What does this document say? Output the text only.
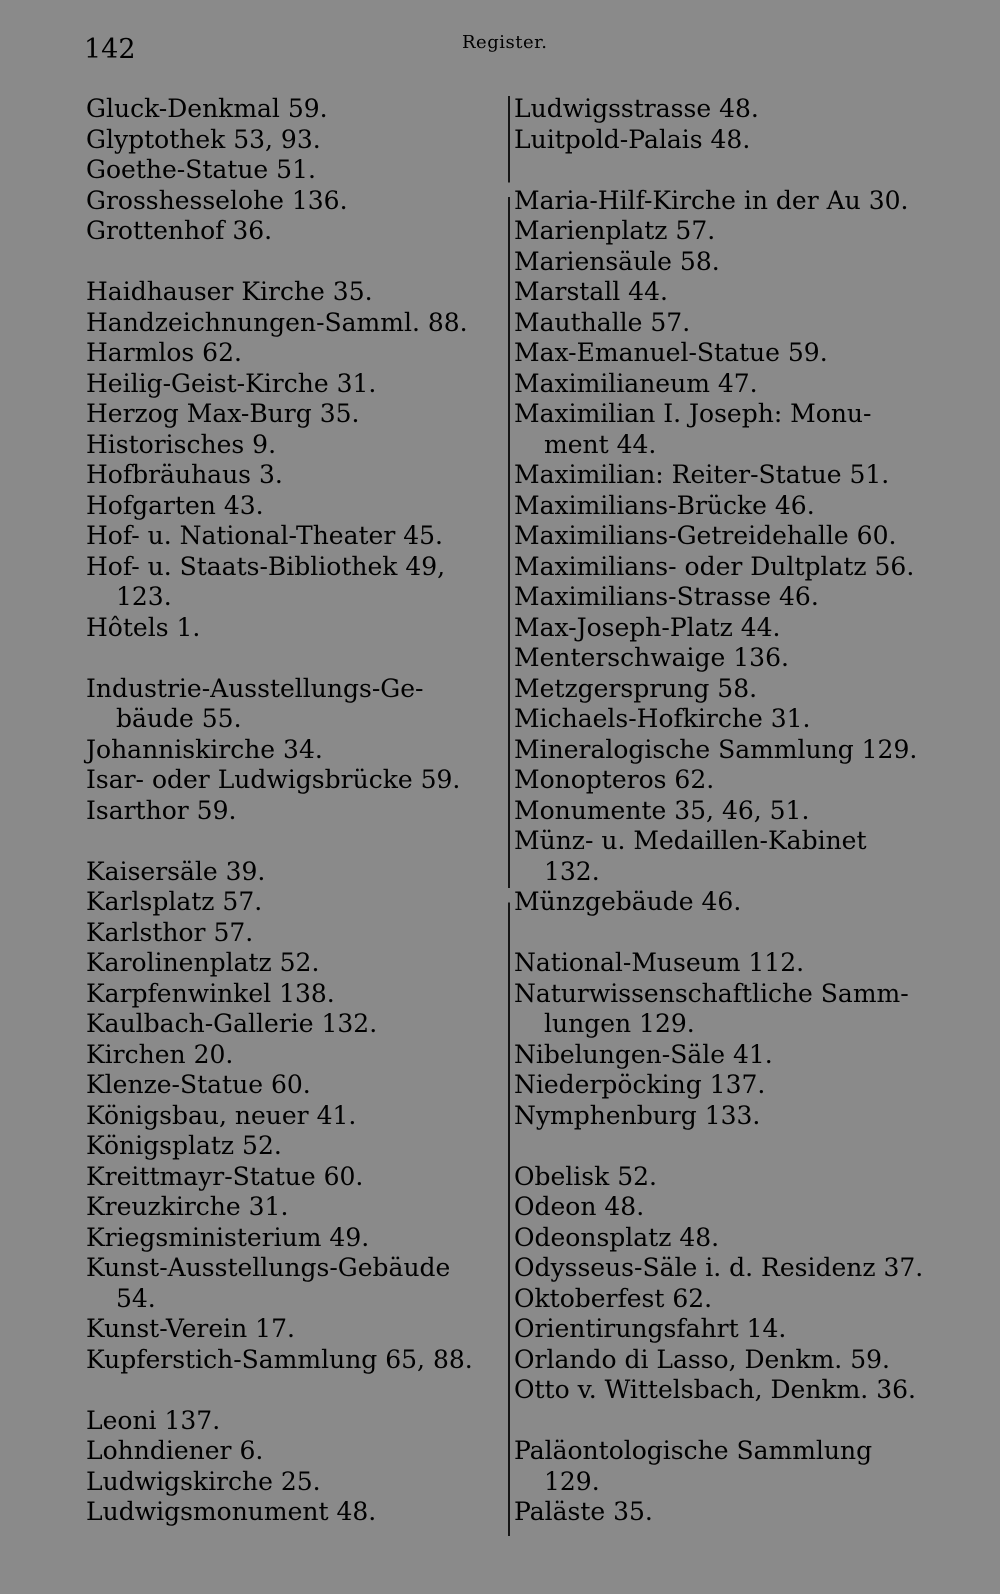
142	Register.
Gluck-Denkmal 59.
Glyptothek 53, 93.
Goethe-Statue 51.
Grosshesselohe 136.
Grottenhof 36.
Haidhauser Kirche 35.
Handzeichnungen-Samml. 88.
Harmlos 62.
Heilig-Geist-Kirche 31.
Herzog Max-Burg 35.
Historisches 9.
Hofbräuhaus 3.
Hofgarten 43.
Hof- u. National-Theater 45.
Hof- u. Staats-Bibliothek 49,
123.
Hôtels 1.
Industrie-Ausstellungs-Ge-
bäude 55.
Johanniskirche 34.
Isar- oder Ludwigsbrücke 59.
Isarthor 59.
Kaisersäle 39.
Karlsplatz 57.
Karlsthor 57.
Karolinenplatz 52.
Karpfenwinkel 138.
Kaulbach-Gallerie 132.
Kirchen 20.
Klenze-Statue 60.
Königsbau, neuer 41.
Königsplatz 52.
Kreittmayr-Statue 60.
Kreuzkirche 31.
Kriegsministerium 49.
Kunst-Ausstellungs-Gebäude
54.
Kunst-Verein 17.
Kupferstich-Sammlung 65, 88.
Leoni 137.
Lohndiener 6.
Ludwigskirche 25.
Ludwigsmonument 48.
Ludwigsstrasse 48.
Luitpold-Palais 48.
Maria-Hilf-Kirche in der Au 30.
Marienplatz 57.
Mariensäule 58.
Marstall 44.
Mauthalle 57.
Max-Emanuel-Statue 59.
Maximilianeum 47.
Maximilian I. Joseph: Monu-
ment 44.
Maximilian: Reiter-Statue 51.
Maximilians-Brücke 46.
Maximilians-Getreidehalle 60.
Maximilians- oder Dultplatz 56.
Maximilians-Strasse 46.
Max-Joseph-Platz 44.
Menterschwaige 136.
Metzgersprung 58.
Michaels-Hofkirche 31.
Mineralogische Sammlung 129.
Monopteros 62.
Monumente 35, 46, 51.
Münz- u. Medaillen-Kabinet
132.
Münzgebäude 46.
National-Museum 112.
Naturwissenschaftliche Samm-
lungen 129.
Nibelungen-Säle 41.
Niederpöcking 137.
Nymphenburg 133.
Obelisk 52.
Odeon 48.
Odeonsplatz 48.
Odysseus-Säle i. d. Residenz 37.
Oktoberfest 62.
Orientirungsfahrt 14.
Orlando di Lasso, Denkm. 59.
Otto v. Wittelsbach, Denkm. 36.
Paläontologische Sammlung
129.
Paläste 35.
